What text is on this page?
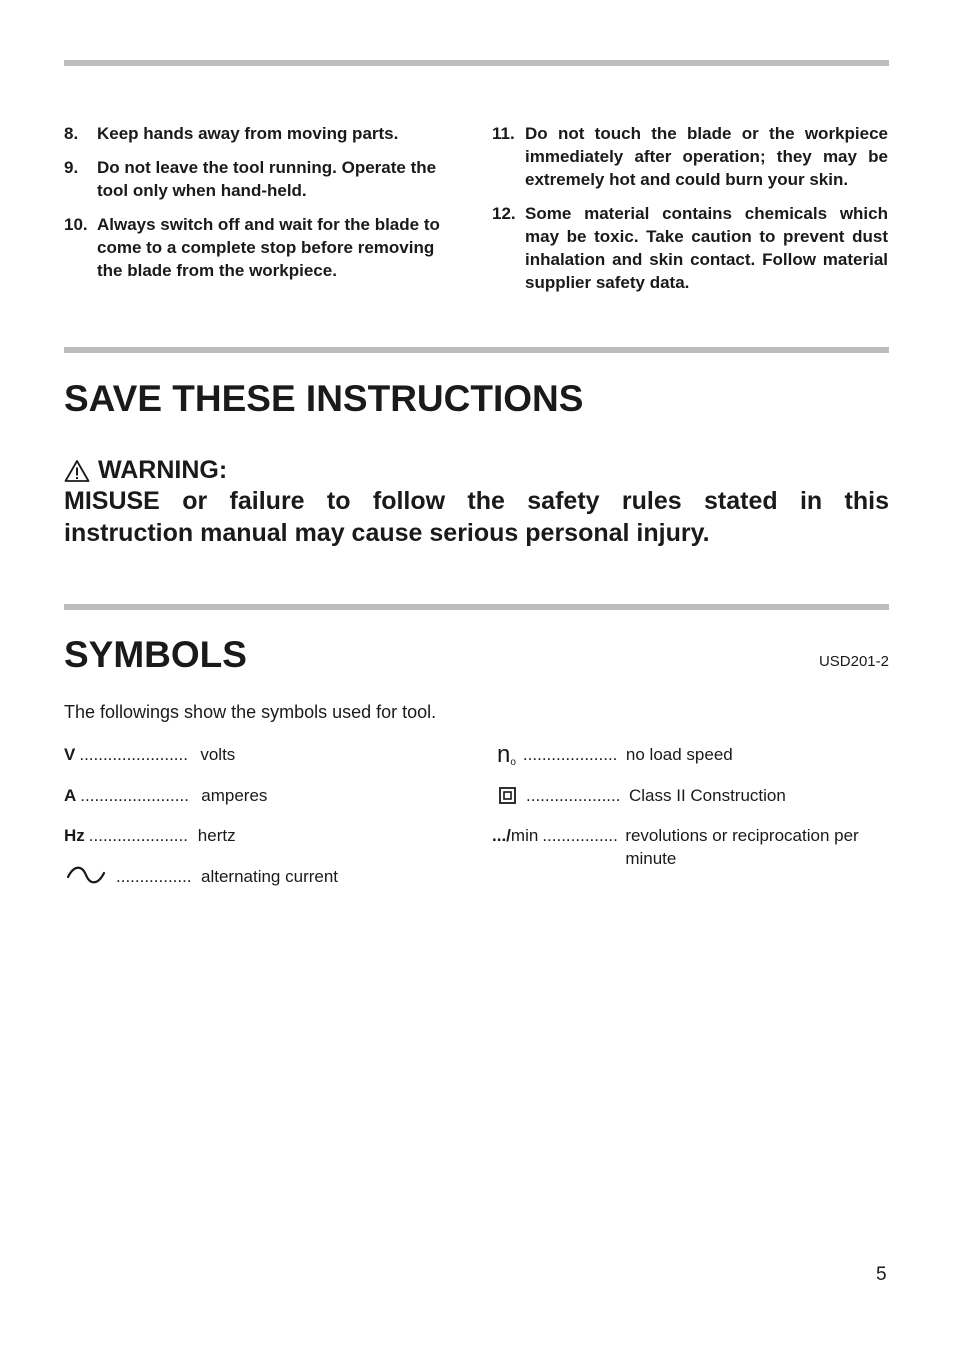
8.	Keep hands away from moving parts.
9.	Do not leave the tool running. Operate the tool only when hand-held.
10. Always switch off and wait for the blade to come to a complete stop before removing the blade from the workpiece.
11. Do not touch the blade or the workpiece immediately after operation; they may be extremely hot and could burn your skin.
12. Some material contains chemicals which may be toxic. Take caution to prevent dust inhalation and skin contact. Follow material supplier safety data.
SAVE THESE INSTRUCTIONS
WARNING:
MISUSE or failure to follow the safety rules stated in this
instruction manual may cause serious personal injury.
SYMBOLS	USD201-2
The followings show the symbols used for tool.
V ....................... volts
A ....................... amperes
Hz ..................... hertz
................ alternating current
no .................... no load speed
.................... Class II Construction
.../min ................ revolutions or reciprocation per
minute
5
